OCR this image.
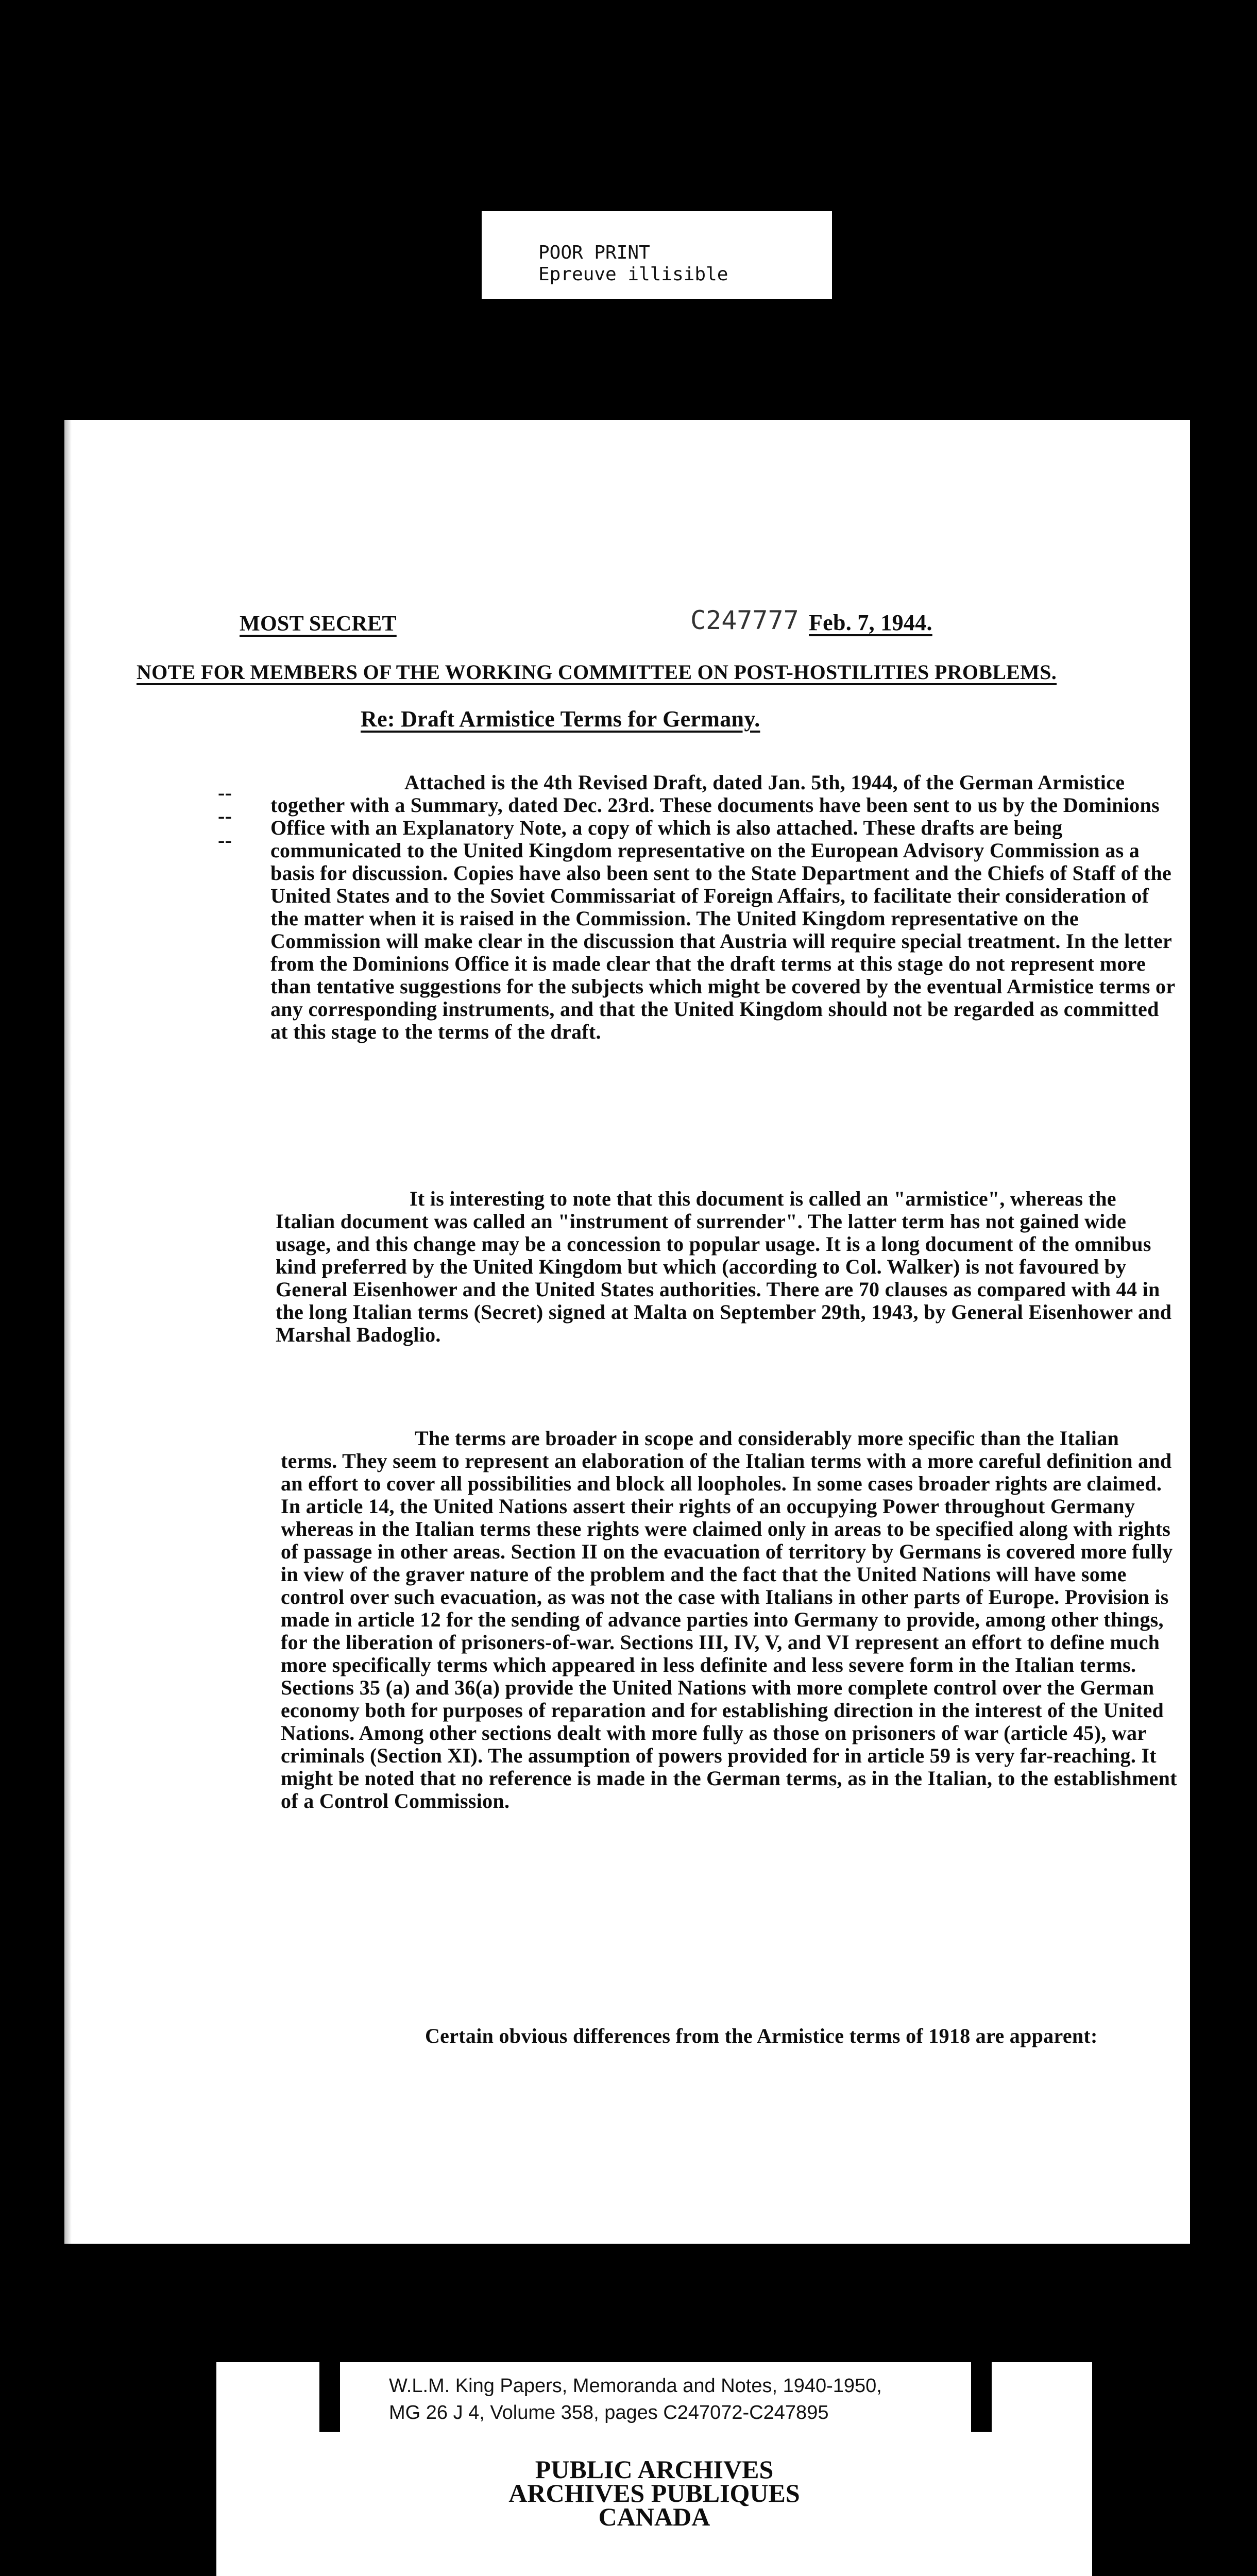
POOR PRINT
Epreuve illisible
MOST SECRET	C247777 Feb. 7, 1944.
NOTE FOR MEMBERS OF THE WORKING COMMITTEE ON POST-HOSTILITIES PROBLEMS.
Re: Draft Armistice Terms for Germany.
--
--
--

Attached is the 4th Revised Draft, dated Jan. 5th, 1944, of the German Armistice together with a Summary, dated Dec. 23rd. These documents have been sent to us by the Dominions Office with an Explanatory Note, a copy of which is also attached. These drafts are being communicated to the United Kingdom representative on the European Advisory Commission as a basis for discussion. Copies have also been sent to the State Department and the Chiefs of Staff of the United States and to the Soviet Commissariat of Foreign Affairs, to facilitate their consideration of the matter when it is raised in the Commission. The United Kingdom representative on the Commission will make clear in the discussion that Austria will require special treatment. In the letter from the Dominions Office it is made clear that the draft terms at this stage do not represent more than tentative suggestions for the subjects which might be covered by the eventual Armistice terms or any corresponding instruments, and that the United Kingdom should not be regarded as committed at this stage to the terms of the draft.

It is interesting to note that this document is called an "armistice", whereas the Italian document was called an "instrument of surrender". The latter term has not gained wide usage, and this change may be a concession to popular usage. It is a long document of the omnibus kind preferred by the United Kingdom but which (according to Col. Walker) is not favoured by General Eisenhower and the United States authorities. There are 70 clauses as compared with 44 in the long Italian terms (Secret) signed at Malta on September 29th, 1943, by General Eisenhower and Marshal Badoglio.

The terms are broader in scope and considerably more specific than the Italian terms. They seem to represent an elaboration of the Italian terms with a more careful definition and an effort to cover all possibilities and block all loopholes. In some cases broader rights are claimed. In article 14, the United Nations assert their rights of an occupying Power throughout Germany whereas in the Italian terms these rights were claimed only in areas to be specified along with rights of passage in other areas. Section II on the evacuation of territory by Germans is covered more fully in view of the graver nature of the problem and the fact that the United Nations will have some control over such evacuation, as was not the case with Italians in other parts of Europe. Provision is made in article 12 for the sending of advance parties into Germany to provide, among other things, for the liberation of prisoners-of-war. Sections III, IV, V, and VI represent an effort to define much more specifically terms which appeared in less definite and less severe form in the Italian terms. Sections 35 (a) and 36(a) provide the United Nations with more complete control over the German economy both for purposes of reparation and for establishing direction in the interest of the United Nations. Among other sections dealt with more fully as those on prisoners of war (article 45), war criminals (Section XI). The assumption of powers provided for in article 59 is very far-reaching. It might be noted that no reference is made in the German terms, as in the Italian, to the establishment of a Control Commission.

Certain obvious differences from the Armistice terms of 1918 are apparent:

W.L.M. King Papers, Memoranda and Notes, 1940-1950,
MG 26 J 4, Volume 358, pages C247072-C247895
PUBLIC ARCHIVES
ARCHIVES PUBLIQUES
CANADA
